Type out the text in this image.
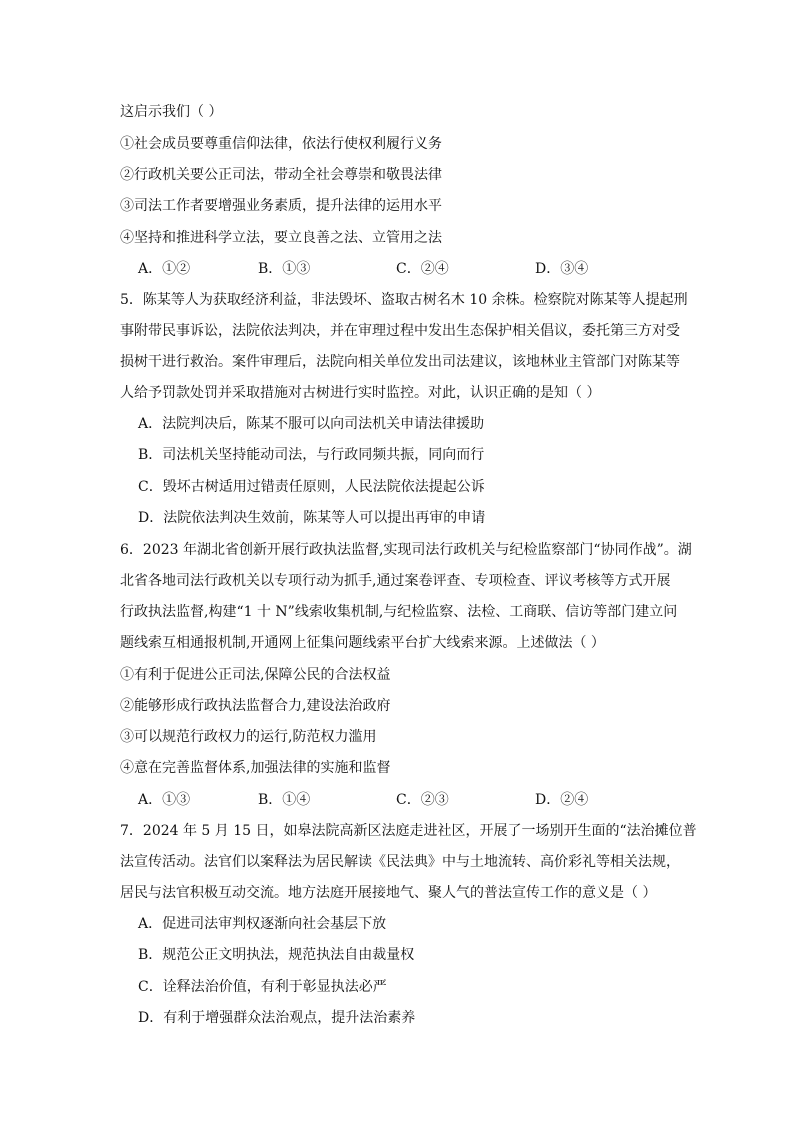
这启示我们（ ）
①社会成员要尊重信仰法律，依法行使权利履行义务
②行政机关要公正司法，带动全社会尊崇和敬畏法律
③司法工作者要增强业务素质，提升法律的运用水平
④坚持和推进科学立法，要立良善之法、立管用之法
A．①②	B．①③	C．②④	D．③④
5．陈某等人为获取经济利益，非法毁坏、盗取古树名木 10 余株。检察院对陈某等人提起刑
事附带民事诉讼，法院依法判决，并在审理过程中发出生态保护相关倡议，委托第三方对受
损树干进行救治。案件审理后，法院向相关单位发出司法建议，该地林业主管部门对陈某等
人给予罚款处罚并采取措施对古树进行实时监控。对此，认识正确的是知（ ）
A．法院判决后，陈某不服可以向司法机关申请法律援助
B．司法机关坚持能动司法，与行政同频共振，同向而行
C．毁坏古树适用过错责任原则，人民法院依法提起公诉
D．法院依法判决生效前，陈某等人可以提出再审的申请
6．2023 年湖北省创新开展行政执法监督,实现司法行政机关与纪检监察部门“协同作战”。湖
北省各地司法行政机关以专项行动为抓手,通过案卷评查、专项检查、评议考核等方式开展
行政执法监督,构建“1 十 N”线索收集机制,与纪检监察、法检、工商联、信访等部门建立问
题线索互相通报机制,开通网上征集问题线索平台扩大线索来源。上述做法（ ）
①有利于促进公正司法,保障公民的合法权益
②能够形成行政执法监督合力,建设法治政府
③可以规范行政权力的运行,防范权力滥用
④意在完善监督体系,加强法律的实施和监督
A．①③	B．①④	C．②③	D．②④
7．2024 年 5 月 15 日，如皋法院高新区法庭走进社区，开展了一场别开生面的“法治摊位普
法宣传活动。法官们以案释法为居民解读《民法典》中与土地流转、高价彩礼等相关法规，
居民与法官积极互动交流。地方法庭开展接地气、聚人气的普法宣传工作的意义是（ ）
A．促进司法审判权逐渐向社会基层下放
B．规范公正文明执法，规范执法自由裁量权
C．诠释法治价值，有利于彰显执法必严
D．有利于增强群众法治观点，提升法治素养
